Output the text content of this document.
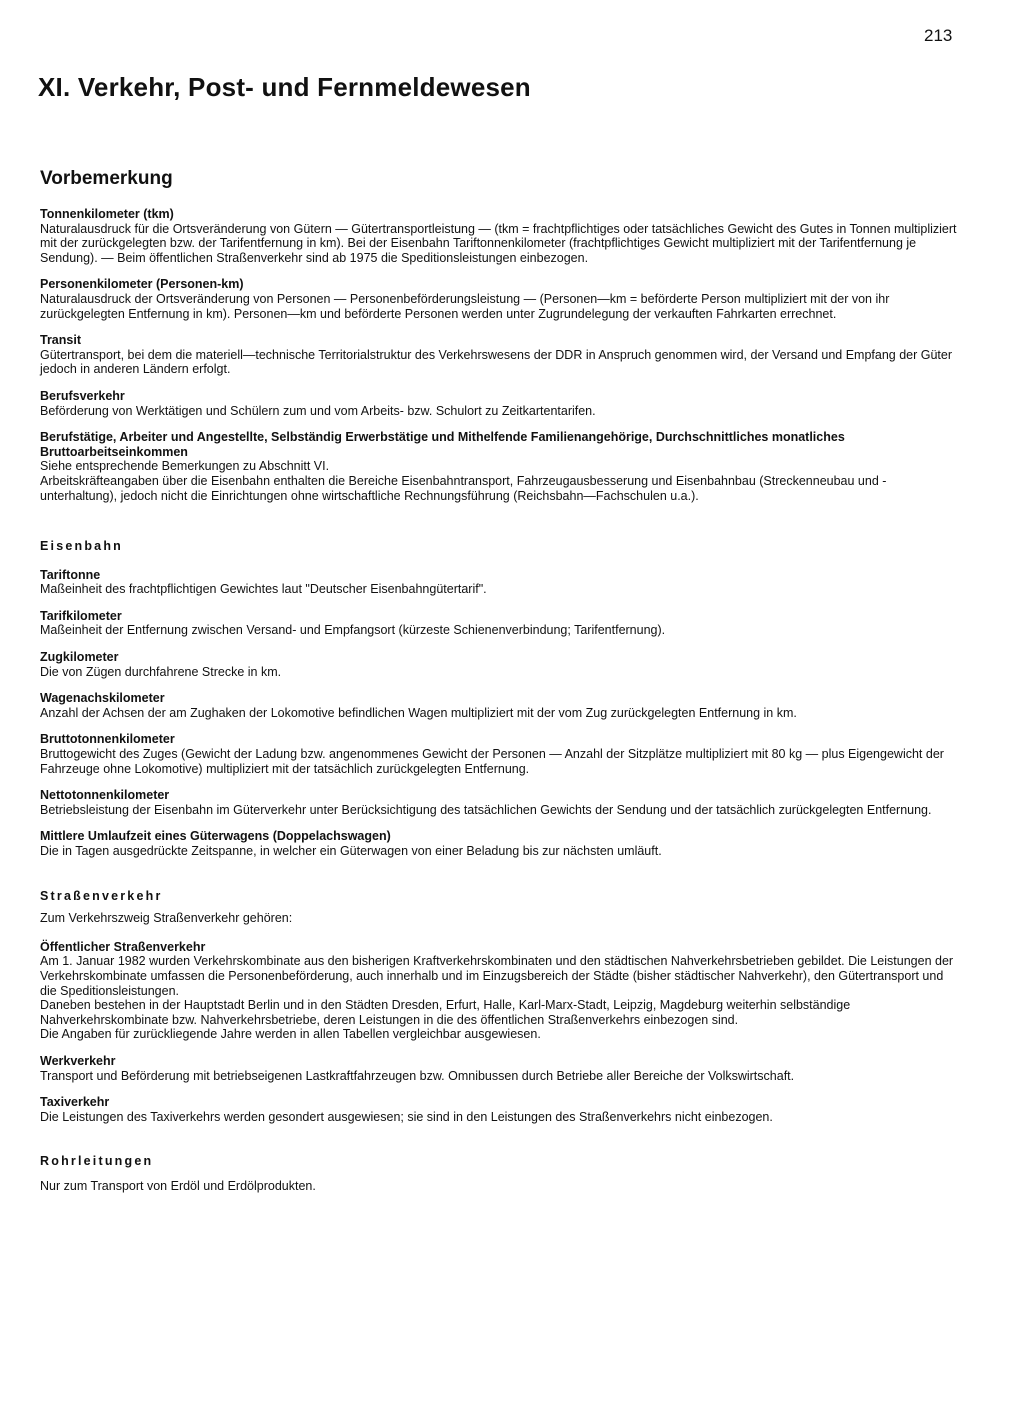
213

XI. Verkehr, Post- und Fernmeldewesen
Vorbemerkung
Tonnenkilometer (tkm)
Naturalausdruck für die Ortsveränderung von Gütern — Gütertransportleistung — (tkm = frachtpflichtiges oder tatsächliches Gewicht des Gutes in Tonnen multipliziert mit der zurückgelegten bzw. der Tarifentfernung in km). Bei der Eisenbahn Tariftonnenkilometer (frachtpflichtiges Gewicht multipliziert mit der Tarifentfernung je Sendung). — Beim öffentlichen Straßenverkehr sind ab 1975 die Speditionsleistungen einbezogen.
Personenkilometer (Personen-km)
Naturalausdruck der Ortsveränderung von Personen — Personenbeförderungsleistung — (Personen—km = beförderte Person multipliziert mit der von ihr zurückgelegten Entfernung in km). Personen—km und beförderte Personen werden unter Zugrundelegung der verkauften Fahrkarten errechnet.
Transit
Gütertransport, bei dem die materiell—technische Territorialstruktur des Verkehrswesens der DDR in Anspruch genommen wird, der Versand und Empfang der Güter jedoch in anderen Ländern erfolgt.
Berufsverkehr
Beförderung von Werktätigen und Schülern zum und vom Arbeits- bzw. Schulort zu Zeitkartentarifen.
Berufstätige, Arbeiter und Angestellte, Selbständig Erwerbstätige und Mithelfende Familienangehörige, Durchschnittliches monatliches Bruttoarbeitseinkommen
Siehe entsprechende Bemerkungen zu Abschnitt VI.
Arbeitskräfteangaben über die Eisenbahn enthalten die Bereiche Eisenbahntransport, Fahrzeugausbesserung und Eisenbahnbau (Streckenneubau und -unterhaltung), jedoch nicht die Einrichtungen ohne wirtschaftliche Rechnungsführung (Reichsbahn—Fachschulen u.a.).
Eisenbahn
Tariftonne
Maßeinheit des frachtpflichtigen Gewichtes laut "Deutscher Eisenbahngütertarif".
Tarifkilometer
Maßeinheit der Entfernung zwischen Versand- und Empfangsort (kürzeste Schienenverbindung; Tarifentfernung).
Zugkilometer
Die von Zügen durchfahrene Strecke in km.
Wagenachskilometer
Anzahl der Achsen der am Zughaken der Lokomotive befindlichen Wagen multipliziert mit der vom Zug zurückgelegten Entfernung in km.
Bruttotonnenkilometer
Bruttogewicht des Zuges (Gewicht der Ladung bzw. angenommenes Gewicht der Personen — Anzahl der Sitzplätze multipliziert mit 80 kg — plus Eigengewicht der Fahrzeuge ohne Lokomotive) multipliziert mit der tatsächlich zurückgelegten Entfernung.
Nettotonnenkilometer
Betriebsleistung der Eisenbahn im Güterverkehr unter Berücksichtigung des tatsächlichen Gewichts der Sendung und der tatsächlich zurückgelegten Entfernung.
Mittlere Umlaufzeit eines Güterwagens (Doppelachswagen)
Die in Tagen ausgedrückte Zeitspanne, in welcher ein Güterwagen von einer Beladung bis zur nächsten umläuft.
Straßenverkehr
Zum Verkehrszweig Straßenverkehr gehören:
Öffentlicher Straßenverkehr
Am 1. Januar 1982 wurden Verkehrskombinate aus den bisherigen Kraftverkehrskombinaten und den städtischen Nahverkehrsbetrieben gebildet. Die Leistungen der Verkehrskombinate umfassen die Personenbeförderung, auch innerhalb und im Einzugsbereich der Städte (bisher städtischer Nahverkehr), den Gütertransport und die Speditionsleistungen.
Daneben bestehen in der Hauptstadt Berlin und in den Städten Dresden, Erfurt, Halle, Karl-Marx-Stadt, Leipzig, Magdeburg weiterhin selbständige Nahverkehrskombinate bzw. Nahverkehrsbetriebe, deren Leistungen in die des öffentlichen Straßenverkehrs einbezogen sind.
Die Angaben für zurückliegende Jahre werden in allen Tabellen vergleichbar ausgewiesen.
Werkverkehr
Transport und Beförderung mit betriebseigenen Lastkraftfahrzeugen bzw. Omnibussen durch Betriebe aller Bereiche der Volkswirtschaft.
Taxiverkehr
Die Leistungen des Taxiverkehrs werden gesondert ausgewiesen; sie sind in den Leistungen des Straßenverkehrs nicht einbezogen.
Rohrleitungen
Nur zum Transport von Erdöl und Erdölprodukten.
